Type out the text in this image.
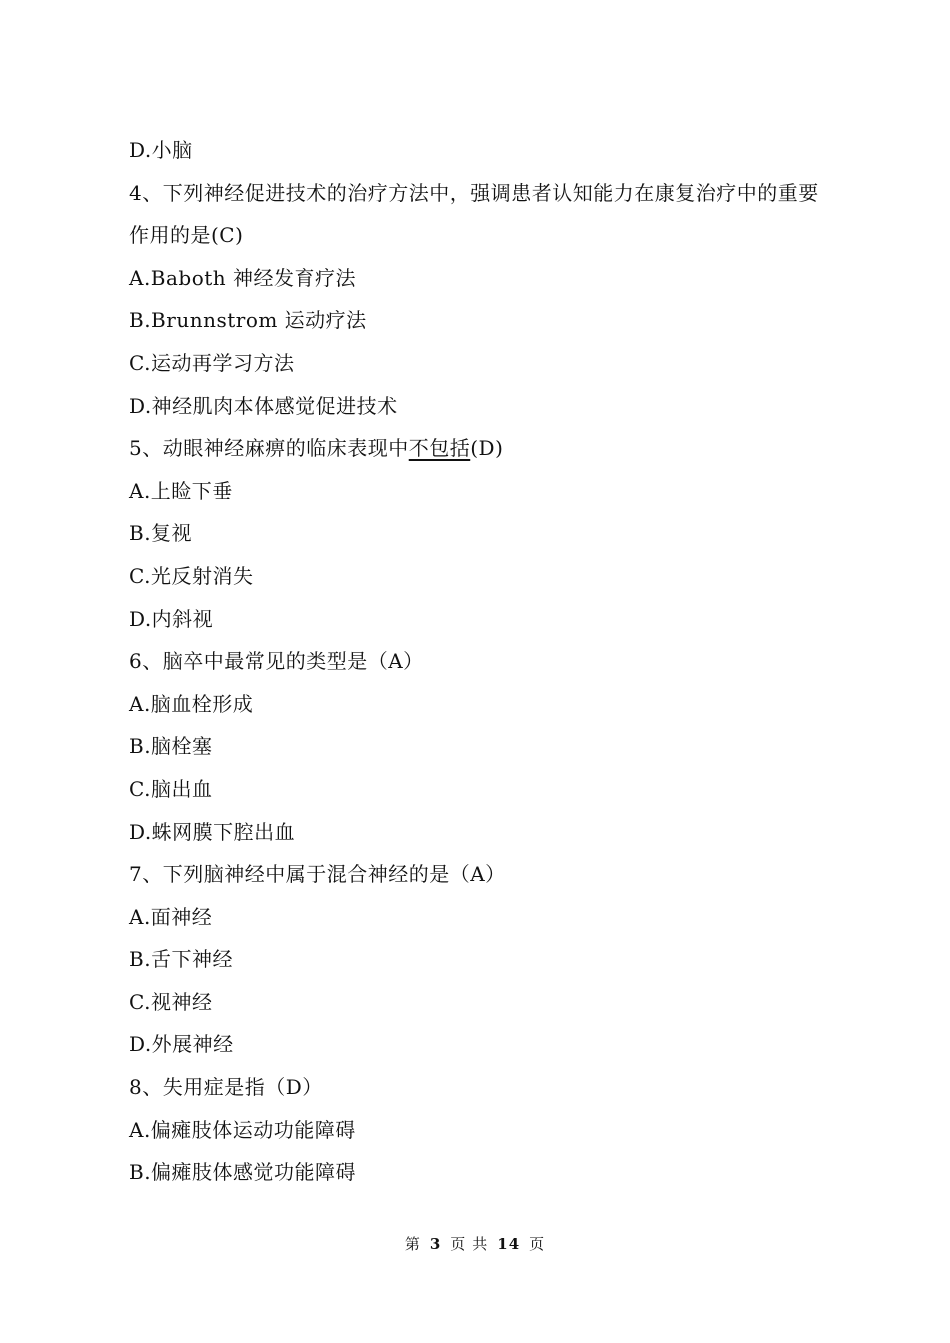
D.小脑
4、下列神经促进技术的治疗方法中，强调患者认知能力在康复治疗中的重要作用的是(C)
A.Baboth 神经发育疗法
B.Brunnstrom 运动疗法
C.运动再学习方法
D.神经肌肉本体感觉促进技术
5、动眼神经麻痹的临床表现中不包括(D)
A.上睑下垂
B.复视
C.光反射消失
D.内斜视
6、脑卒中最常见的类型是（A）
A.脑血栓形成
B.脑栓塞
C.脑出血
D.蛛网膜下腔出血
7、下列脑神经中属于混合神经的是（A）
A.面神经
B.舌下神经
C.视神经
D.外展神经
8、失用症是指（D）
A.偏瘫肢体运动功能障碍
B.偏瘫肢体感觉功能障碍
第 3 页 共 14 页
